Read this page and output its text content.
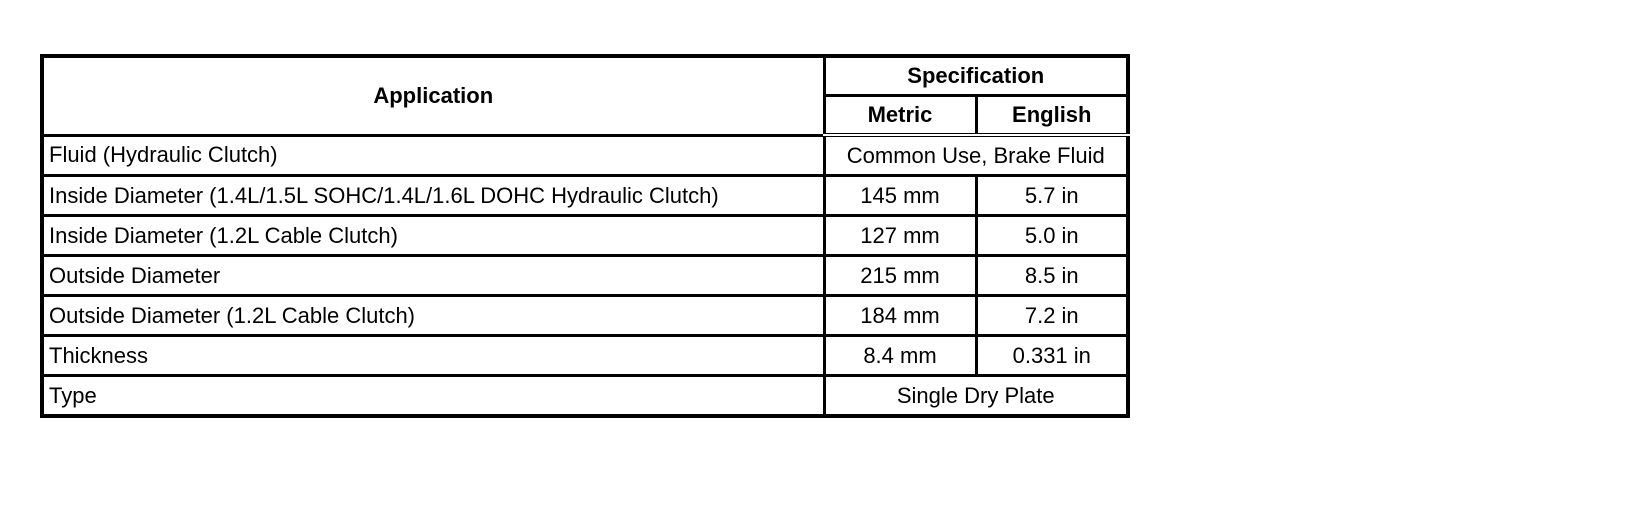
Application	Specification	
	Metric	English
Fluid (Hydraulic Clutch)	Common Use, Brake Fluid	
Inside Diameter (1.4L/1.5L SOHC/1.4L/1.6L DOHC Hydraulic Clutch)	145 mm	5.7 in
Inside Diameter (1.2L Cable Clutch)	127 mm	5.0 in
Outside Diameter	215 mm	8.5 in
Outside Diameter (1.2L Cable Clutch)	184 mm	7.2 in
Thickness	8.4 mm	0.331 in
Type	Single Dry Plate	
